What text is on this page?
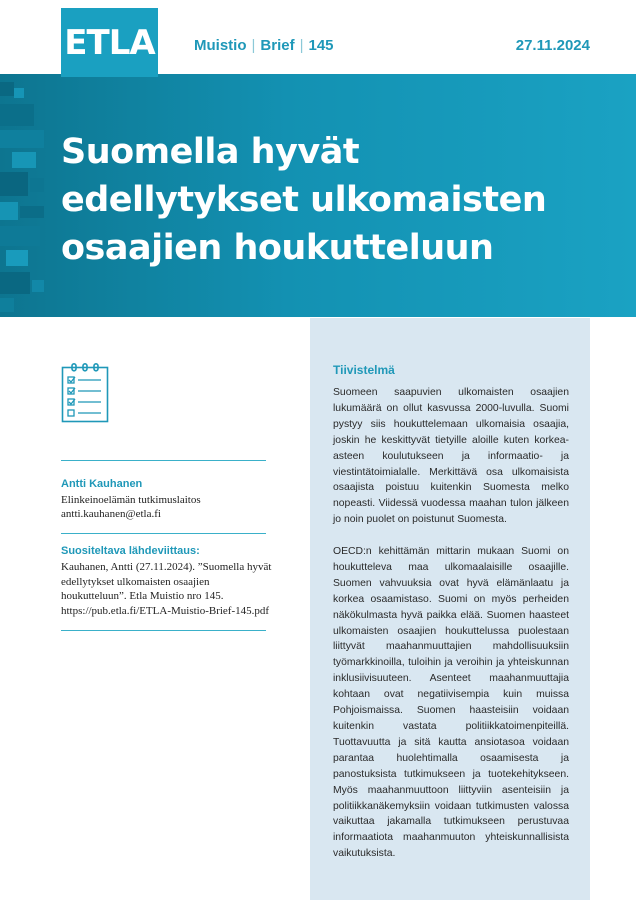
ETLA	Muistio | Brief | 145	27.11.2024
Suomella hyvät edellytykset ulkomaisten osaajien houkutteluun
Antti Kauhanen
Elinkeinoelämän tutkimuslaitos
antti.kauhanen@etla.fi
Suositeltava lähdeviittaus:
Kauhanen, Antti (27.11.2024). ”Suomella hyvät edellytykset ulkomaisten osaajien houkutteluun”. Etla Muistio nro 145. https://pub.etla.fi/ETLA-Muistio-Brief-145.pdf
Tiivistelmä

Suomeen saapuvien ulkomaisten osaajien lukumäärä on ollut kasvussa 2000-luvulla. Suomi pystyy siis houkuttelemaan ulkomaisia osaajia, joskin he keskittyvät tietyille aloille kuten korkea-asteen koulutukseen ja informaatio- ja viestintätoimialalle. Merkittävä osa ulkomaisista osaajista poistuu kuitenkin Suomesta melko nopeasti. Viidessä vuodessa maahan tulon jälkeen jo noin puolet on poistunut Suomesta.

OECD:n kehittämän mittarin mukaan Suomi on houkutteleva maa ulkomaalaisille osaajille. Suomen vahvuuksia ovat hyvä elämänlaatu ja korkea osaamistaso. Suomi on myös perheiden näkökulmasta hyvä paikka elää. Suomen haasteet ulkomaisten osaajien houkuttelussa puolestaan liittyvät maahanmuuttajien mahdollisuuksiin työmarkkinoilla, tuloihin ja veroihin ja yhteiskunnan inklusiivisuuteen. Asenteet maahanmuuttajia kohtaan ovat negatiivisempia kuin muissa Pohjoismaissa. Suomen haasteisiin voidaan kuitenkin vastata politiikkatoimenpiteillä. Tuottavuutta ja sitä kautta ansiotasoa voidaan parantaa huolehtimalla osaamisesta ja panostuksista tutkimukseen ja tuotekehitykseen. Myös maahanmuuttoon liittyviin asenteisiin ja politiikkanäkemyksiin voidaan tutkimusten valossa vaikuttaa jakamalla tutkimukseen perustuvaa informaatiota maahanmuuton yhteiskunnallisista vaikutuksista.
